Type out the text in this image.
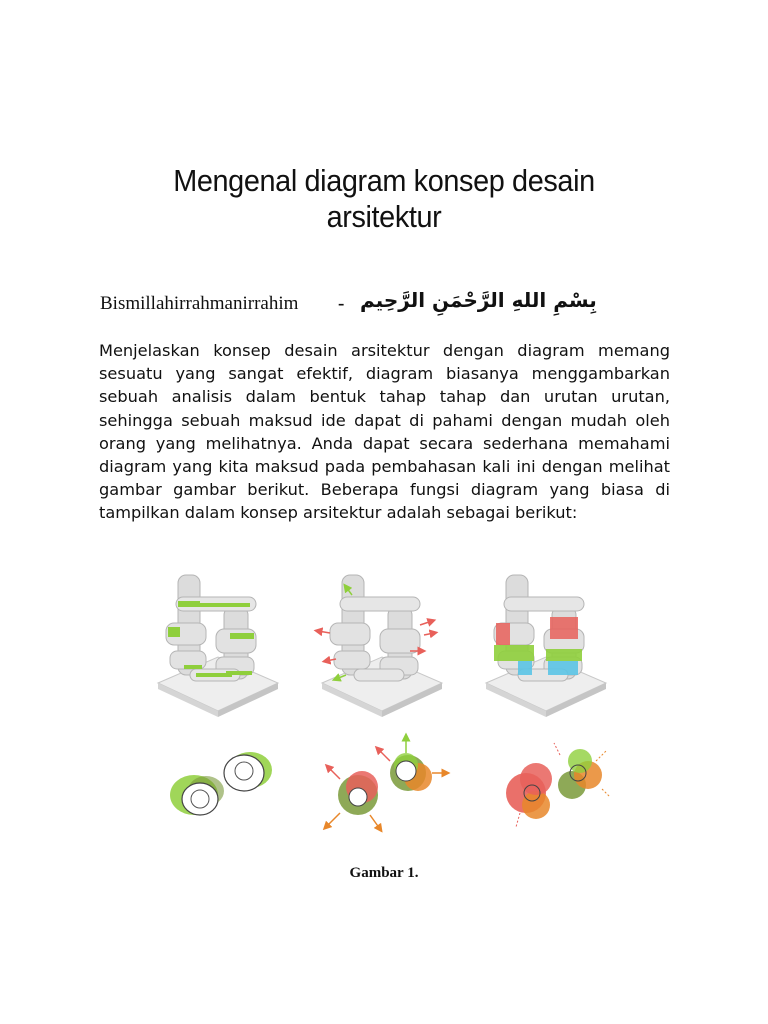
Mengenal diagram konsep desain
arsitektur
Bismillahirrahmanirrahim - بِسْمِ اللهِ الرَّحْمَنِ الرَّحِيم
Menjelaskan konsep desain arsitektur dengan diagram memang sesuatu yang sangat efektif, diagram biasanya menggambarkan sebuah analisis dalam bentuk tahap tahap dan urutan urutan, sehingga sebuah maksud ide dapat di pahami dengan mudah oleh orang yang melihatnya. Anda dapat secara sederhana memahami diagram yang kita maksud pada pembahasan kali ini dengan melihat gambar gambar berikut. Beberapa fungsi diagram yang biasa di tampilkan dalam konsep arsitektur adalah sebagai berikut:
Gambar 1.
